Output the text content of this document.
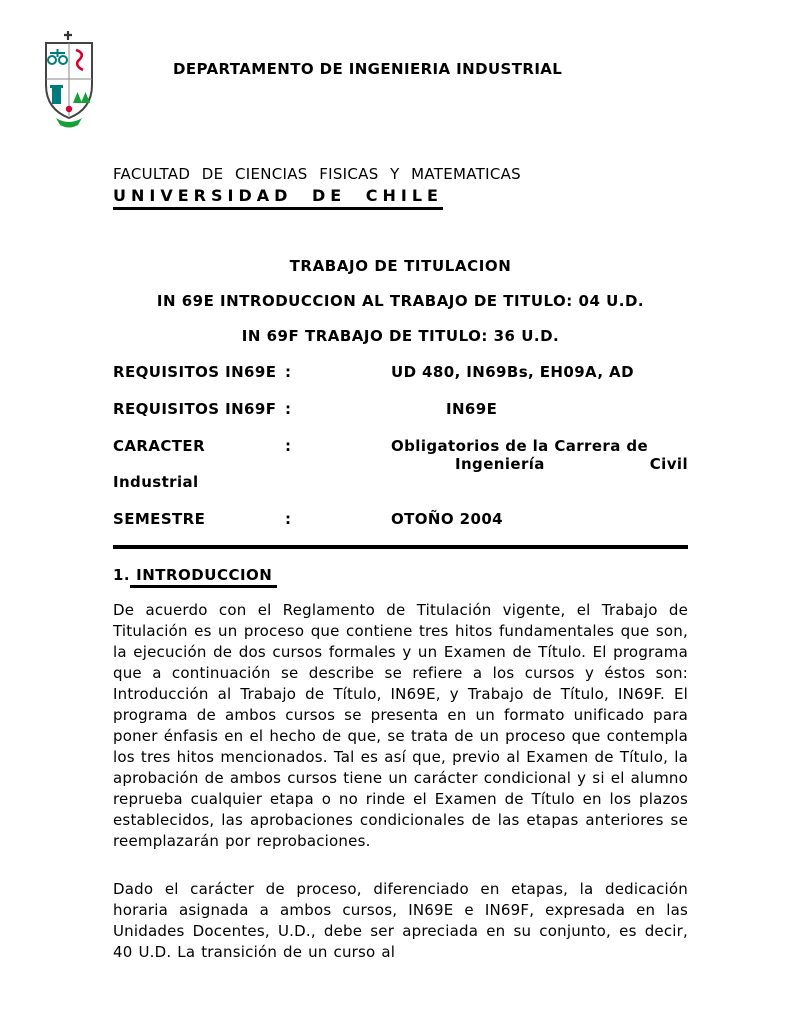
DEPARTAMENTO DE INGENIERIA INDUSTRIAL
FACULTAD DE CIENCIAS FISICAS Y MATEMATICAS
UNIVERSIDAD DE CHILE
TRABAJO DE TITULACION
IN 69E INTRODUCCION AL TRABAJO DE TITULO: 04 U.D.
IN 69F TRABAJO DE TITULO: 36 U.D.
REQUISITOS IN69E :	UD 480, IN69Bs, EH09A, AD
REQUISITOS IN69F :	IN69E
CARACTER	:	Obligatorios de la Carrera de
Ingeniería Civil
Industrial
SEMESTRE	:	OTOÑO 2004
1. INTRODUCCION

De acuerdo con el Reglamento de Titulación vigente, el Trabajo de Titulación es un proceso que contiene tres hitos fundamentales que son, la ejecución de dos cursos formales y un Examen de Título. El programa que a continuación se describe se refiere a los cursos y éstos son: Introducción al Trabajo de Título, IN69E, y Trabajo de Título, IN69F. El programa de ambos cursos se presenta en un formato unificado para poner énfasis en el hecho de que, se trata de un proceso que contempla los tres hitos mencionados. Tal es así que, previo al Examen de Título, la aprobación de ambos cursos tiene un carácter condicional y si el alumno reprueba cualquier etapa o no rinde el Examen de Título en los plazos establecidos, las aprobaciones condicionales de las etapas anteriores se reemplazarán por reprobaciones.

Dado el carácter de proceso, diferenciado en etapas, la dedicación horaria asignada a ambos cursos, IN69E e IN69F, expresada en las Unidades Docentes, U.D., debe ser apreciada en su conjunto, es decir, 40 U.D. La transición de un curso al
